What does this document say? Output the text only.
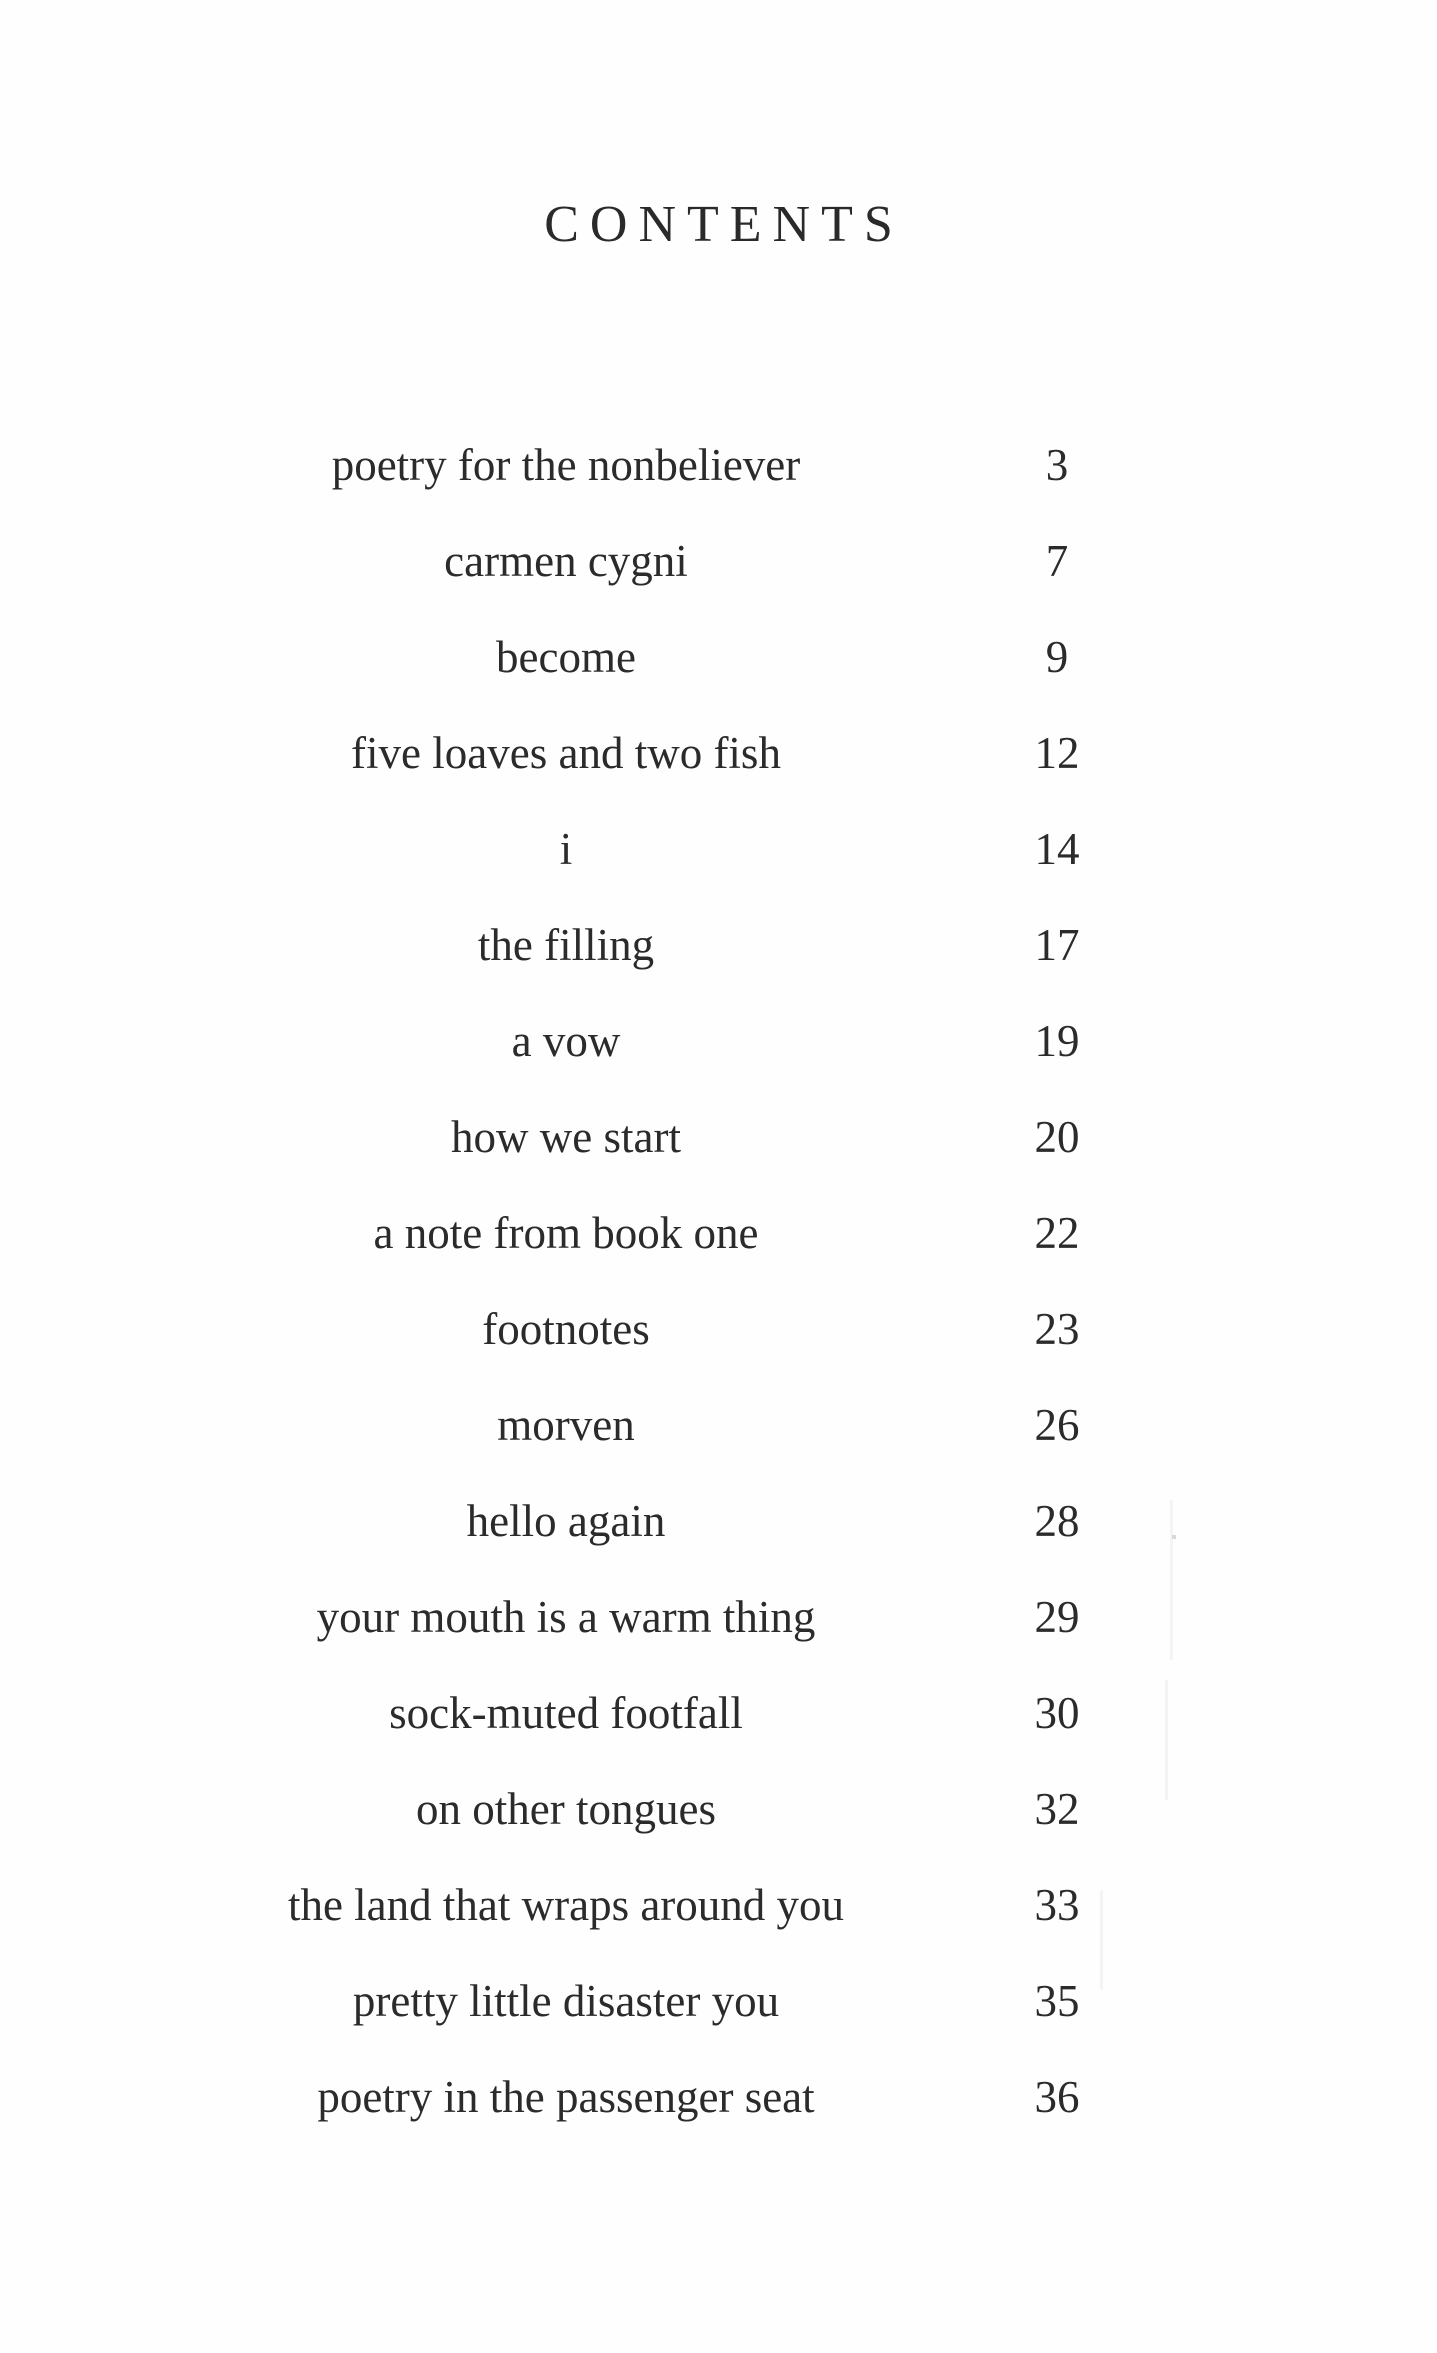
CONTENTS
poetry for the nonbeliever	3
carmen cygni	7
become	9
five loaves and two fish	12
i	14
the filling	17
a vow	19
how we start	20
a note from book one	22
footnotes	23
morven	26
hello again	28
your mouth is a warm thing	29
sock-muted footfall	30
on other tongues	32
the land that wraps around you	33
pretty little disaster you	35
poetry in the passenger seat	36
